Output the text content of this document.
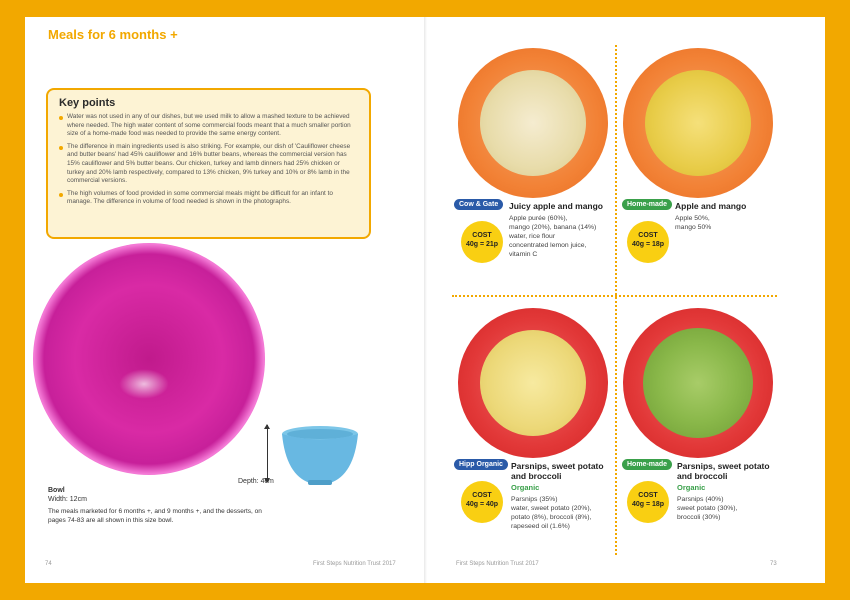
Meals for 6 months +
Key points
Water was not used in any of our dishes, but we used milk to allow a mashed texture to be achieved where needed. The high water content of some commercial foods meant that a much smaller portion size of a home-made food was needed to provide the same energy content.
The difference in main ingredients used is also striking. For example, our dish of 'Cauliflower cheese and butter beans' had 45% cauliflower and 16% butter beans, whereas the commercial version has 15% cauliflower and 5% butter beans. Our chicken, turkey and lamb dinners had 25% chicken or turkey and 20% lamb respectively, compared to 13% chicken, 9% turkey and 10% or 8% lamb in the commercial versions.
The high volumes of food provided in some commercial meals might be difficult for an infant to manage. The difference in volume of food needed is shown in the photographs.
Depth: 4cm
Bowl
Width: 12cm
The meals marketed for 6 months +, and 9 months +, and the desserts, on pages 74-83 are all shown in this size bowl.
74	First Steps Nutrition Trust 2017
Cow & Gate	Juicy apple and mango
Apple purée (60%),
mango (20%), banana (14%)
water, rice flour
concentrated lemon juice,
vitamin C
COST
40g = 21p
Home-made Apple and mango
Apple 50%,
mango 50%
COST
40g = 18p
Hipp Organic Parsnips, sweet potato and broccoli
Organic
Parsnips (35%)
water, sweet potato (20%),
potato (8%), broccoli (8%),
rapeseed oil (1.6%)
COST
40g = 40p
Home-made	Parsnips, sweet potato and broccoli
Organic
Parsnips (40%)
sweet potato (30%),
broccoli (30%)
COST
40g = 18p
First Steps Nutrition Trust 2017	73
